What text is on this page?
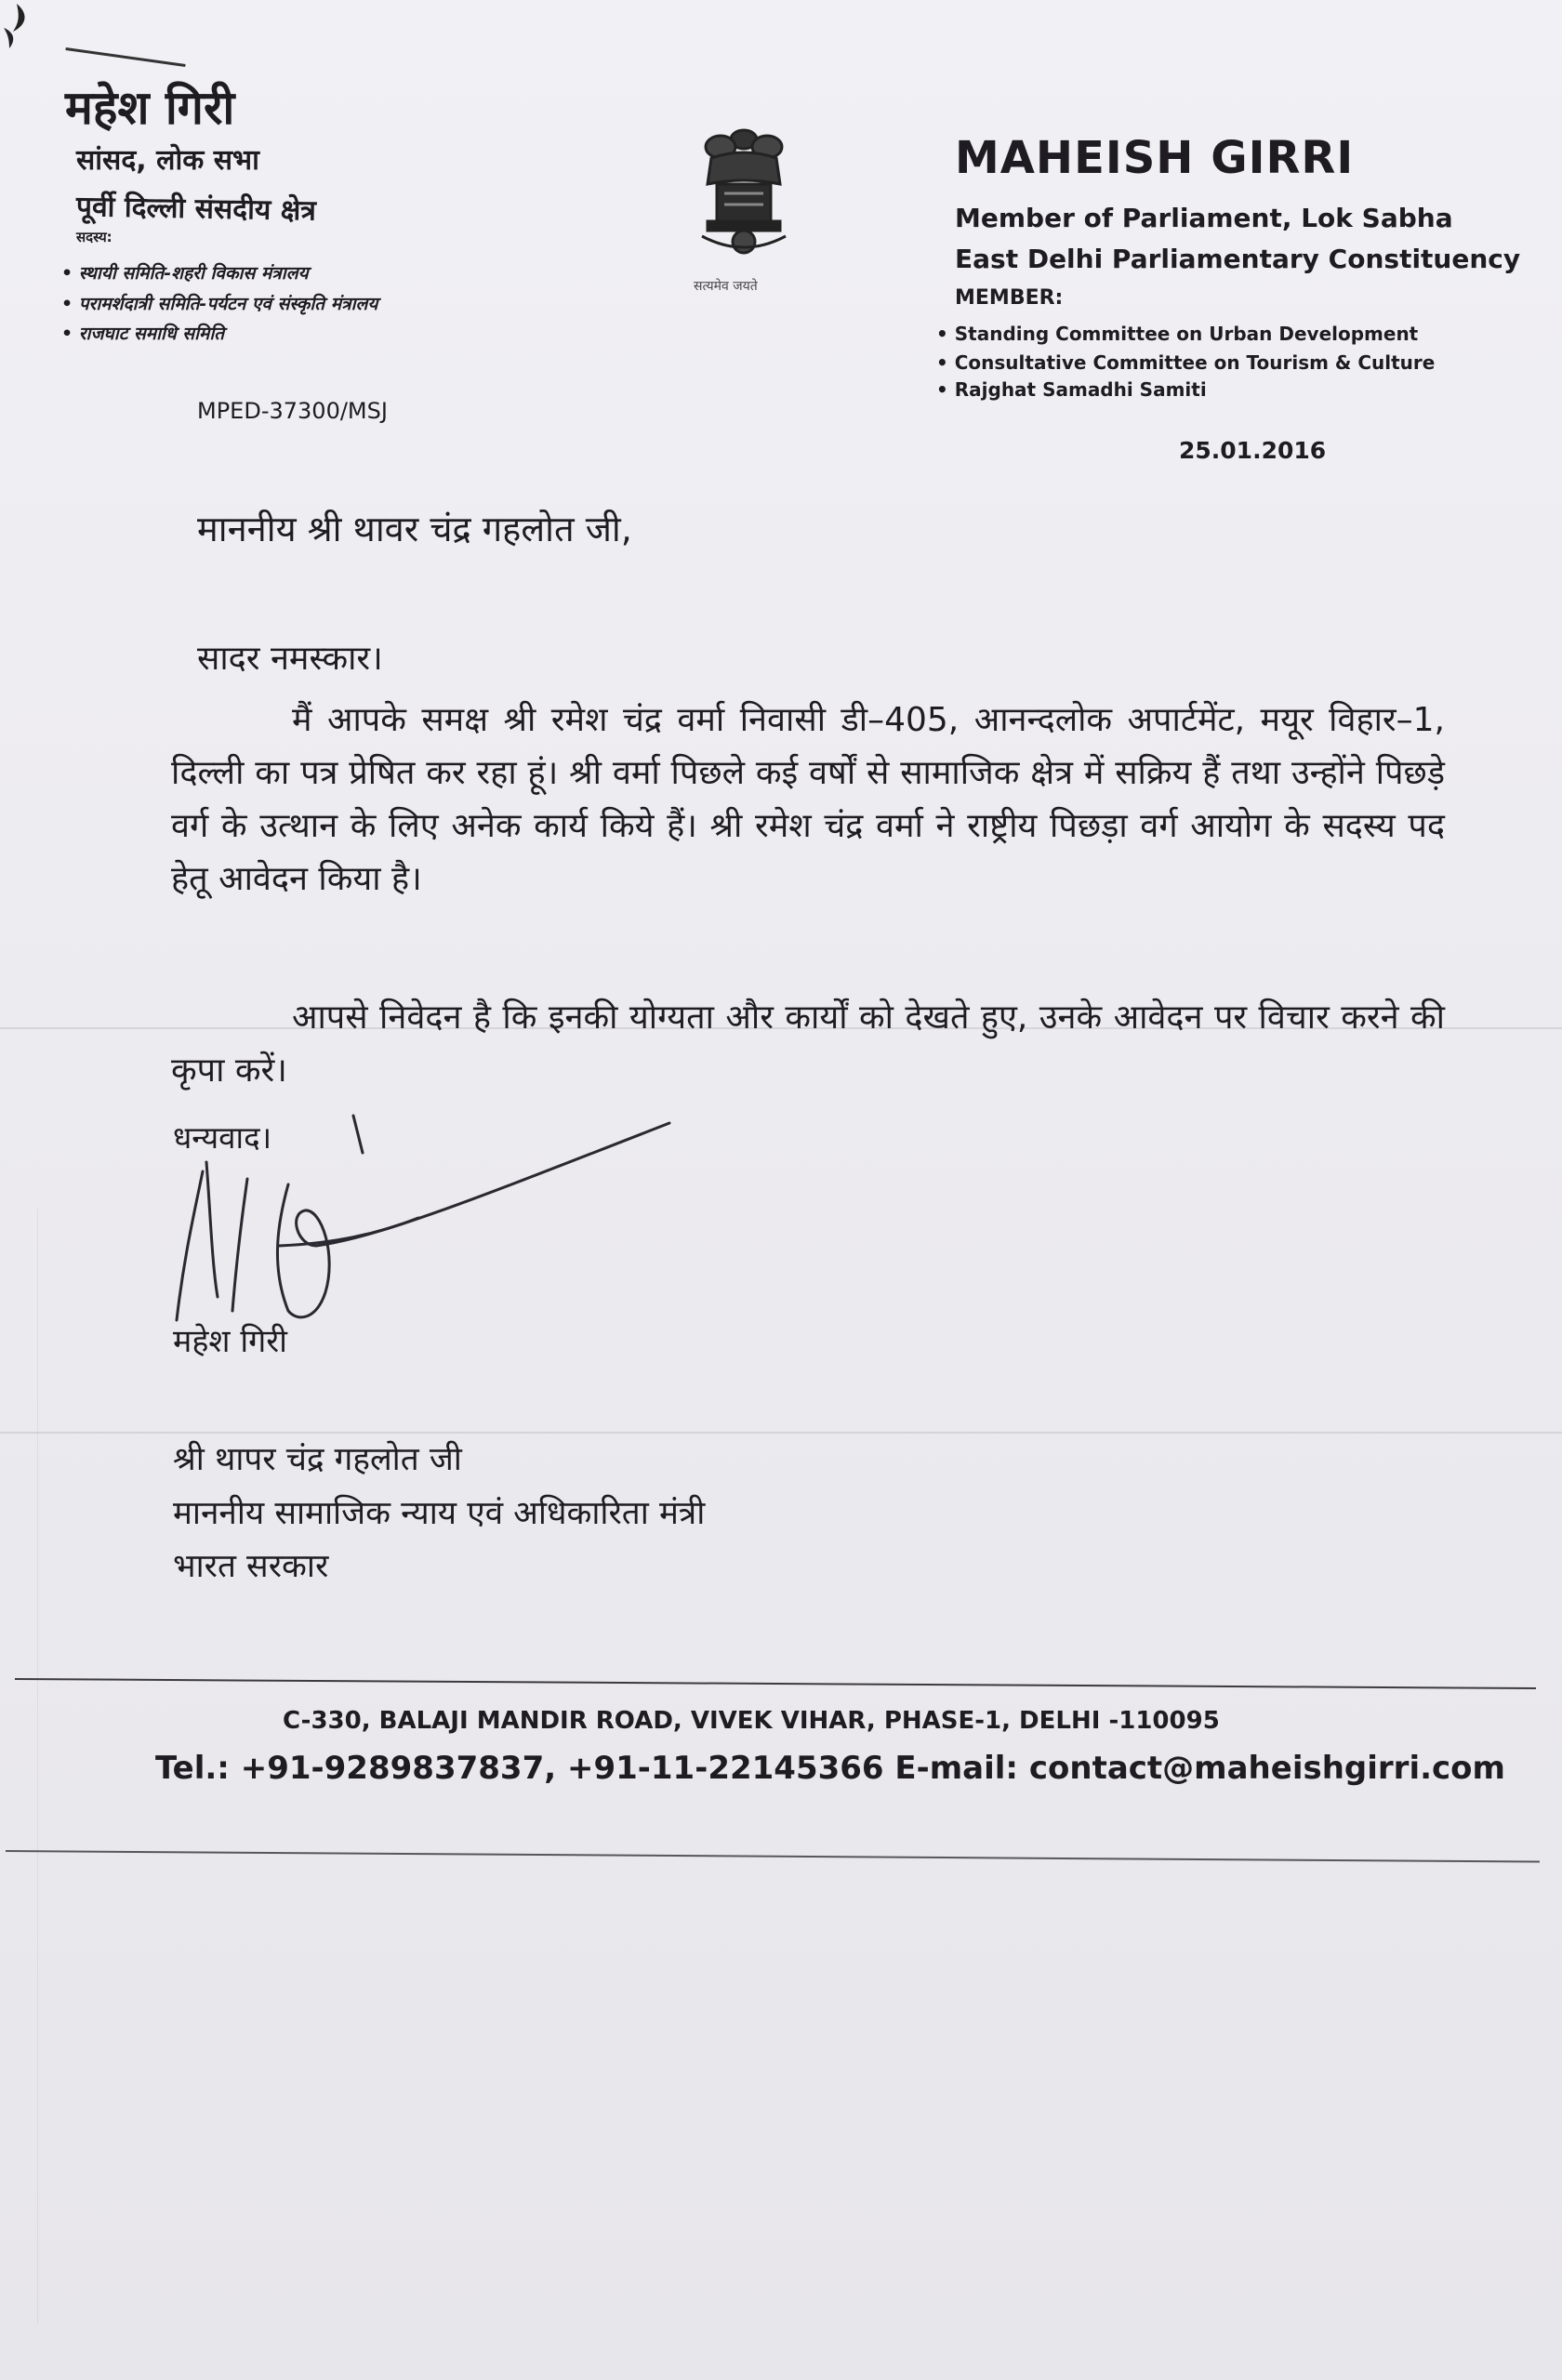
महेश गिरी
सांसद, लोक सभा
पूर्वी दिल्ली संसदीय क्षेत्र
सदस्य:
• स्थायी समिति-शहरी विकास मंत्रालय
• परामर्शदात्री समिति-पर्यटन एवं संस्कृति मंत्रालय
• राजघाट समाधि समिति
सत्यमेव जयते
MAHEISH GIRRI
Member of Parliament, Lok Sabha
East Delhi Parliamentary Constituency
MEMBER:
• Standing Committee on Urban Development
• Consultative Committee on Tourism & Culture
• Rajghat Samadhi Samiti
MPED-37300/MSJ
25.01.2016
माननीय श्री थावर चंद्र गहलोत जी,
सादर नमस्कार।
मैं आपके समक्ष श्री रमेश चंद्र वर्मा निवासी डी–405, आनन्दलोक अपार्टमेंट, मयूर विहार–1, दिल्ली का पत्र प्रेषित कर रहा हूं। श्री वर्मा पिछले कई वर्षों से सामाजिक क्षेत्र में सक्रिय हैं तथा उन्होंने पिछड़े वर्ग के उत्थान के लिए अनेक कार्य किये हैं। श्री रमेश चंद्र वर्मा ने राष्ट्रीय पिछड़ा वर्ग आयोग के सदस्य पद हेतू आवेदन किया है।
आपसे निवेदन है कि इनकी योग्यता और कार्यों को देखते हुए, उनके आवेदन पर विचार करने की कृपा करें।
धन्यवाद।
महेश गिरी
श्री थापर चंद्र गहलोत जी
माननीय सामाजिक न्याय एवं अधिकारिता मंत्री
भारत सरकार
C-330, BALAJI MANDIR ROAD, VIVEK VIHAR, PHASE-1, DELHI -110095
Tel.: +91-9289837837, +91-11-22145366 E-mail: contact@maheishgirri.com
